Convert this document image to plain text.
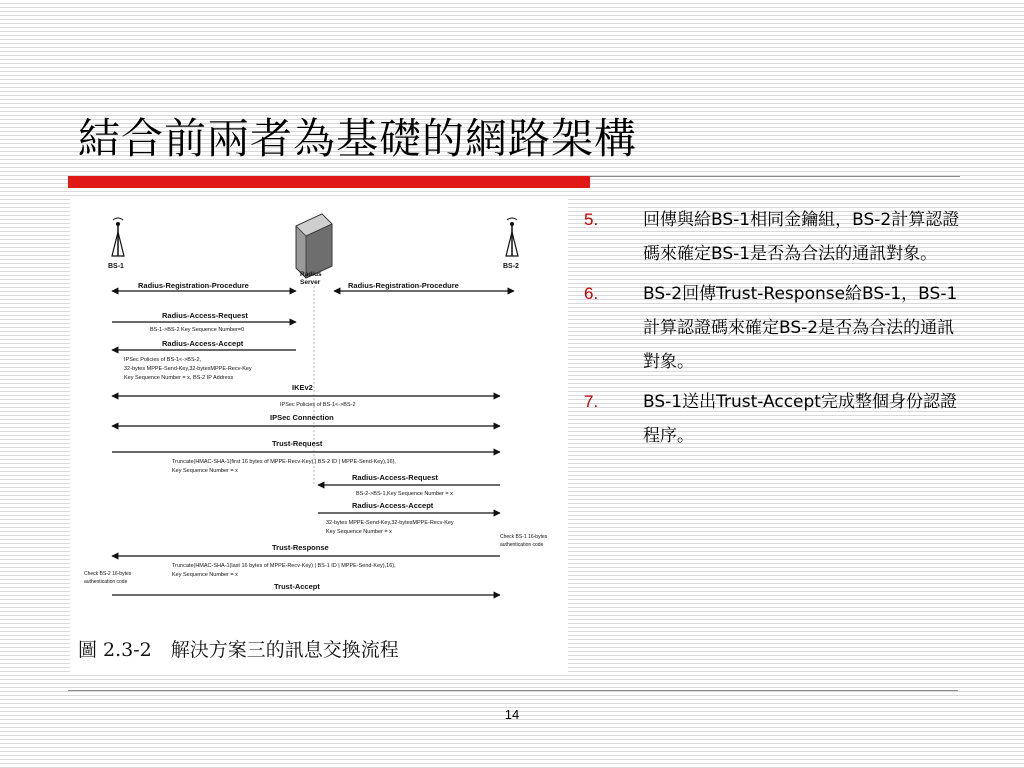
結合前兩者為基礎的網路架構
BS-1
Radius
Server
BS-2
Radius-Registration-Procedure	Radius-Registration-Procedure
Radius-Access-Request
BS-1->BS-2 Key Sequence Number=0
Radius-Access-Accept
IPSec Policies of BS-1<->BS-2,
32-bytes MPPE-Send-Key,32-bytesMPPE-Recv-Key
Key Sequence Number = x, BS-2 IP Address
IKEv2
IPSec Policies of BS-1<->BS-2
IPSec Connection
Trust-Request
Truncate(HMAC-SHA-1(first 16 bytes of MPPE-Recv-Key) | BS-2 ID | MPPE-Send-Key),16),
Key Sequence Number = x
Radius-Access-Request
BS-2->BS-1,Key Sequence Number = x
Radius-Access-Accept
32-bytes MPPE-Send-Key,32-bytesMPPE-Recv-Key
Key Sequence Number = x
Check BS-1 16-bytes
authentication code
Trust-Response
Truncate(HMAC-SHA-1(last 16 bytes of MPPE-Recv-Key) | BS-1 ID | MPPE-Send-Key),16),
Key Sequence Number = x
Check BS-2 16-bytes
authentication code	Trust-Accept
圖 2.3-2　解決方案三的訊息交換流程
5.	回傳與給BS-1相同金鑰組，BS-2計算認證碼來確定BS-1是否為合法的通訊對象。
6.	BS-2回傳Trust-Response給BS-1，BS-1計算認證碼來確定BS-2是否為合法的通訊對象。
7.	BS-1送出Trust-Accept完成整個身份認證程序。
14
